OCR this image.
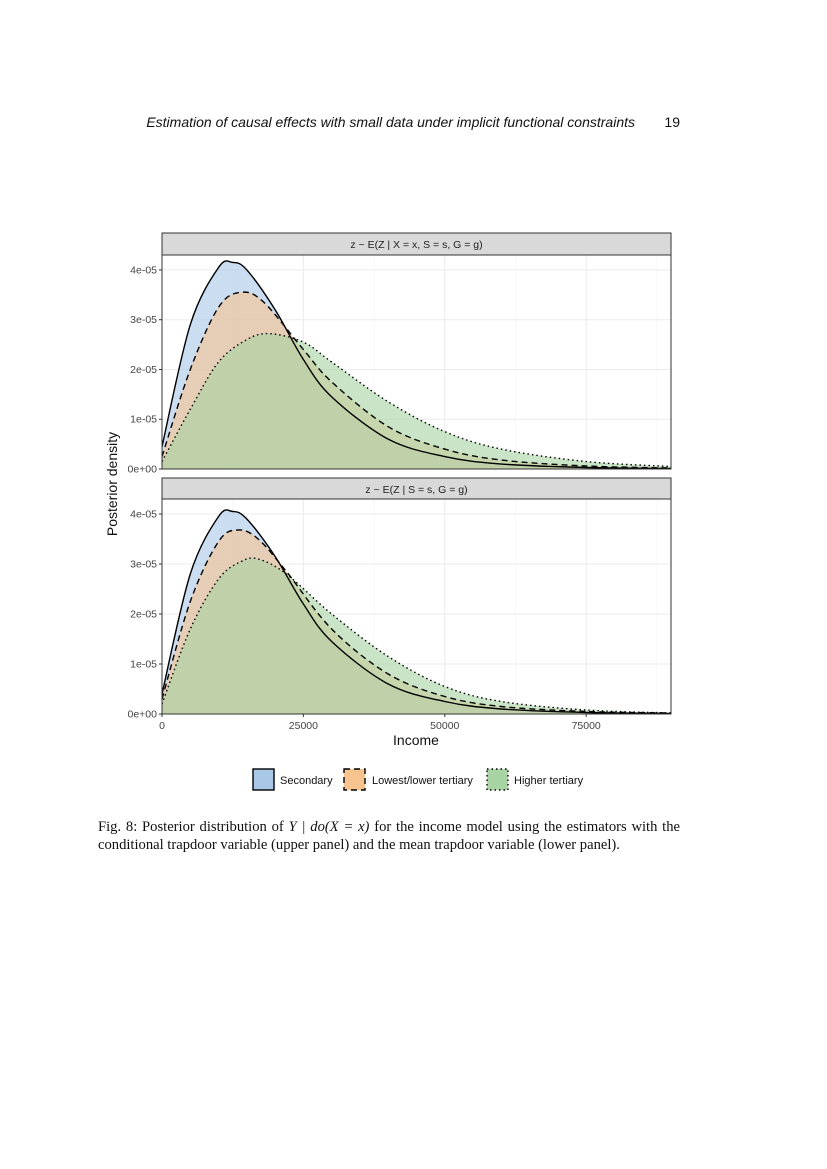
Estimation of causal effects with small data under implicit functional constraints 19
z ~ E(Z | X = x, S = s, G = g)
0e+00
1e-05
2e-05
3e-05
4e-05
z ~ E(Z | S = s, G = g)
0e+00
1e-05
2e-05
3e-05
4e-05
0	25000	50000	75000
Posterior density
Income
Secondary	Lowest/lower tertiary	Higher tertiary
Fig. 8: Posterior distribution of Y | do(X = x) for the income model using the estimators with the conditional trapdoor variable (upper panel) and the mean trapdoor variable (lower panel).
